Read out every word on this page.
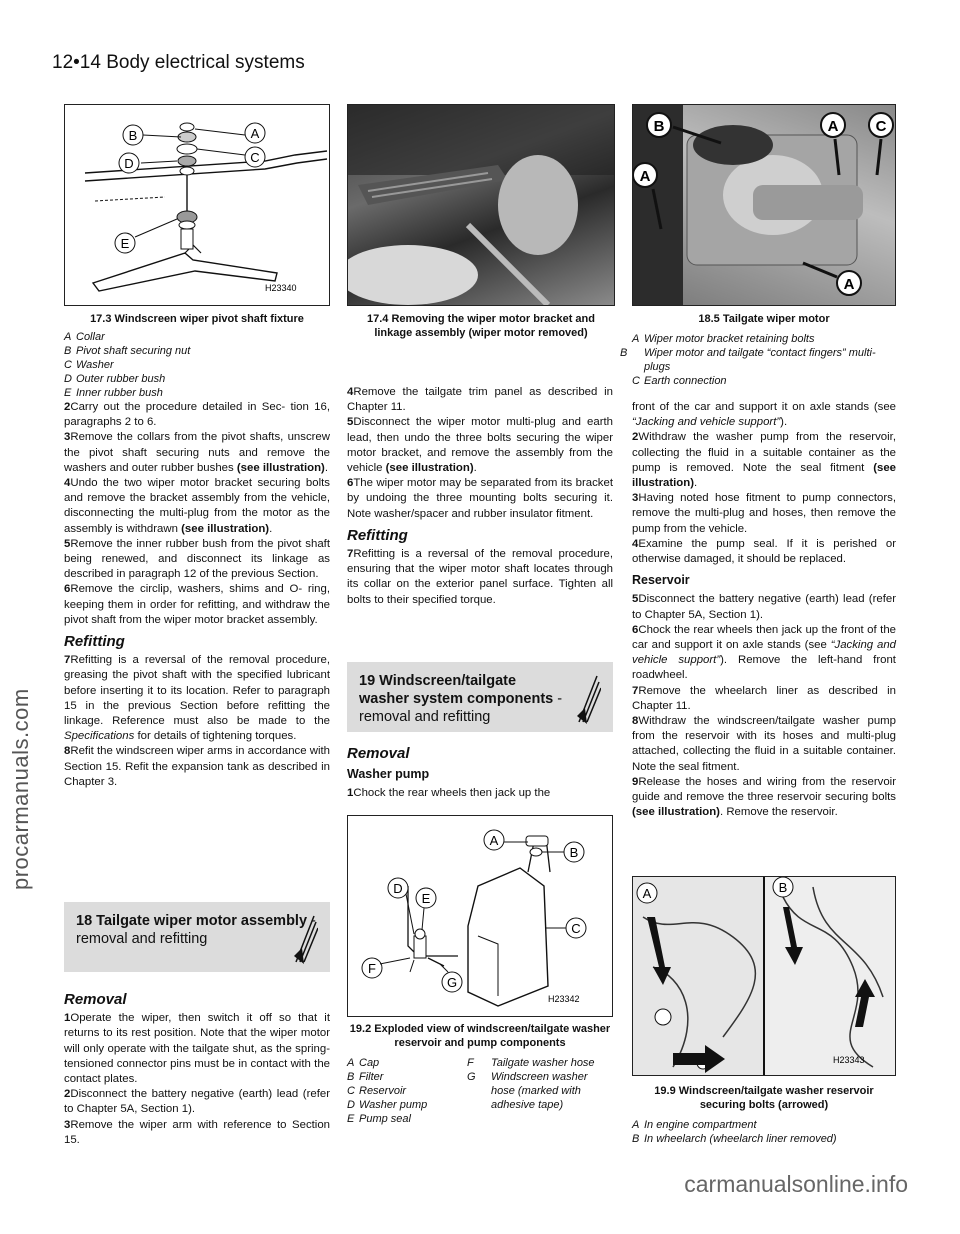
12•14 Body electrical systems
procarmanuals.com
B	A
C
D
E
H23340
17.3 Windscreen wiper pivot shaft fixture
A Collar
B Pivot shaft securing nut
C Washer
D Outer rubber bush
E Inner rubber bush
17.4 Removing the wiper motor bracket and linkage assembly (wiper motor removed)
B
A
A C
A
18.5 Tailgate wiper motor
A Wiper motor bracket retaining bolts
B Wiper motor and tailgate “contact fingers” multi- plugs
C Earth connection

2Carry out the procedure detailed in Sec- tion 16, paragraphs 2 to 6.

3Remove the collars from the pivot shafts, unscrew the pivot shaft securing nuts and remove the washers and outer rubber bushes (see illustration).

4Undo the two wiper motor bracket securing bolts and remove the bracket assembly from the vehicle, disconnecting the multi-plug from the motor as the assembly is withdrawn (see illustration).

5Remove the inner rubber bush from the pivot shaft being renewed, and disconnect its linkage as described in paragraph 12 of the previous Section.

6Remove the circlip, washers, shims and O- ring, keeping them in order for refitting, and withdraw the pivot shaft from the wiper motor bracket assembly.

Refitting

7Refitting is a reversal of the removal procedure, greasing the pivot shaft with the specified lubricant before inserting it to its location. Refer to paragraph 15 in the previous Section before refitting the linkage. Reference must also be made to the Specifications for details of tightening torques.

8Refit the windscreen wiper arms in accordance with Section 15. Refit the expansion tank as described in Chapter 3.

18 Tailgate wiper motor assembly - removal and refitting
Removal

1Operate the wiper, then switch it off so that it returns to its rest position. Note that the wiper motor will only operate with the tailgate shut, as the spring-tensioned connector pins must be in contact with the contact plates.

2Disconnect the battery negative (earth) lead (refer to Chapter 5A, Section 1).

3Remove the wiper arm with reference to Section 15.

4Remove the tailgate trim panel as described in Chapter 11.

5Disconnect the wiper motor multi-plug and earth lead, then undo the three bolts securing the wiper motor bracket, and remove the assembly from the vehicle (see illustration).

6The wiper motor may be separated from its bracket by undoing the three mounting bolts securing it. Note washer/spacer and rubber insulator fitment.

Refitting

7Refitting is a reversal of the removal procedure, ensuring that the wiper motor shaft locates through its collar on the exterior panel surface. Tighten all bolts to their specified torque.

19 Windscreen/tailgate washer system components - removal and refitting
Removal
Washer pump

1Chock the rear wheels then jack up the

A
B
C
D
E
F
G
H23342
19.2 Exploded view of windscreen/tailgate washer reservoir and pump components
A Cap
B Filter
C Reservoir
D Washer pump
E Pump seal
F Tailgate washer hose
G Windscreen washer hose (marked with adhesive tape)

front of the car and support it on axle stands (see “Jacking and vehicle support”).

2Withdraw the washer pump from the reservoir, collecting the fluid in a suitable container as the pump is removed. Note the seal fitment (see illustration).

3Having noted hose fitment to pump connectors, remove the multi-plug and hoses, then remove the pump from the vehicle.

4Examine the pump seal. If it is perished or otherwise damaged, it should be replaced.

Reservoir

5Disconnect the battery negative (earth) lead (refer to Chapter 5A, Section 1).

6Chock the rear wheels then jack up the front of the car and support it on axle stands (see “Jacking and vehicle support”). Remove the left-hand front roadwheel.

7Remove the wheelarch liner as described in Chapter 11.

8Withdraw the windscreen/tailgate washer pump from the reservoir with its hoses and multi-plug attached, collecting the fluid in a suitable container. Note the seal fitment.

9Release the hoses and wiring from the reservoir guide and remove the three reservoir securing bolts (see illustration). Remove the reservoir.

A	B
H23343
19.9 Windscreen/tailgate washer reservoir securing bolts (arrowed)
A In engine compartment
B In wheelarch (wheelarch liner removed)
carmanualsonline.info
